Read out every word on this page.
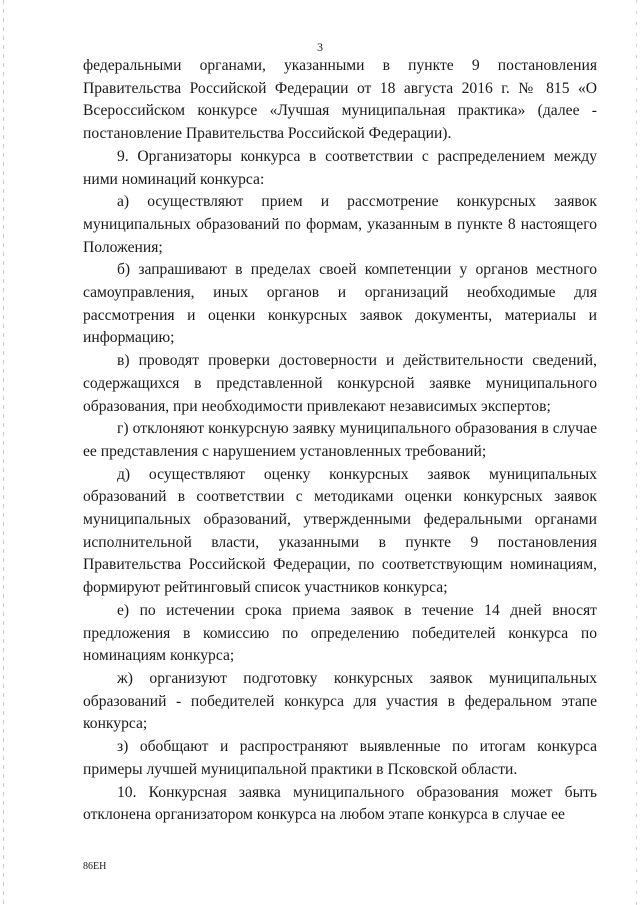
3

федеральными органами, указанными в пункте 9 постановления Правительства Российской Федерации от 18 августа 2016 г. № 815 «О Всероссийском конкурсе «Лучшая муниципальная практика» (далее - постановление Правительства Российской Федерации).

9. Организаторы конкурса в соответствии с распределением между ними номинаций конкурса:

а) осуществляют прием и рассмотрение конкурсных заявок муниципальных образований по формам, указанным в пункте 8 настоящего Положения;

б) запрашивают в пределах своей компетенции у органов местного самоуправления, иных органов и организаций необходимые для рассмотрения и оценки конкурсных заявок документы, материалы и информацию;

в) проводят проверки достоверности и действительности сведений, содержащихся в представленной конкурсной заявке муниципального образования, при необходимости привлекают независимых экспертов;

г) отклоняют конкурсную заявку муниципального образования в случае ее представления с нарушением установленных требований;

д) осуществляют оценку конкурсных заявок муниципальных образований в соответствии с методиками оценки конкурсных заявок муниципальных образований, утвержденными федеральными органами исполнительной власти, указанными в пункте 9 постановления Правительства Российской Федерации, по соответствующим номинациям, формируют рейтинговый список участников конкурса;

е) по истечении срока приема заявок в течение 14 дней вносят предложения в комиссию по определению победителей конкурса по номинациям конкурса;

ж) организуют подготовку конкурсных заявок муниципальных образований - победителей конкурса для участия в федеральном этапе конкурса;

з) обобщают и распространяют выявленные по итогам конкурса примеры лучшей муниципальной практики в Псковской области.

10. Конкурсная заявка муниципального образования может быть отклонена организатором конкурса на любом этапе конкурса в случае ее

86ЕН
